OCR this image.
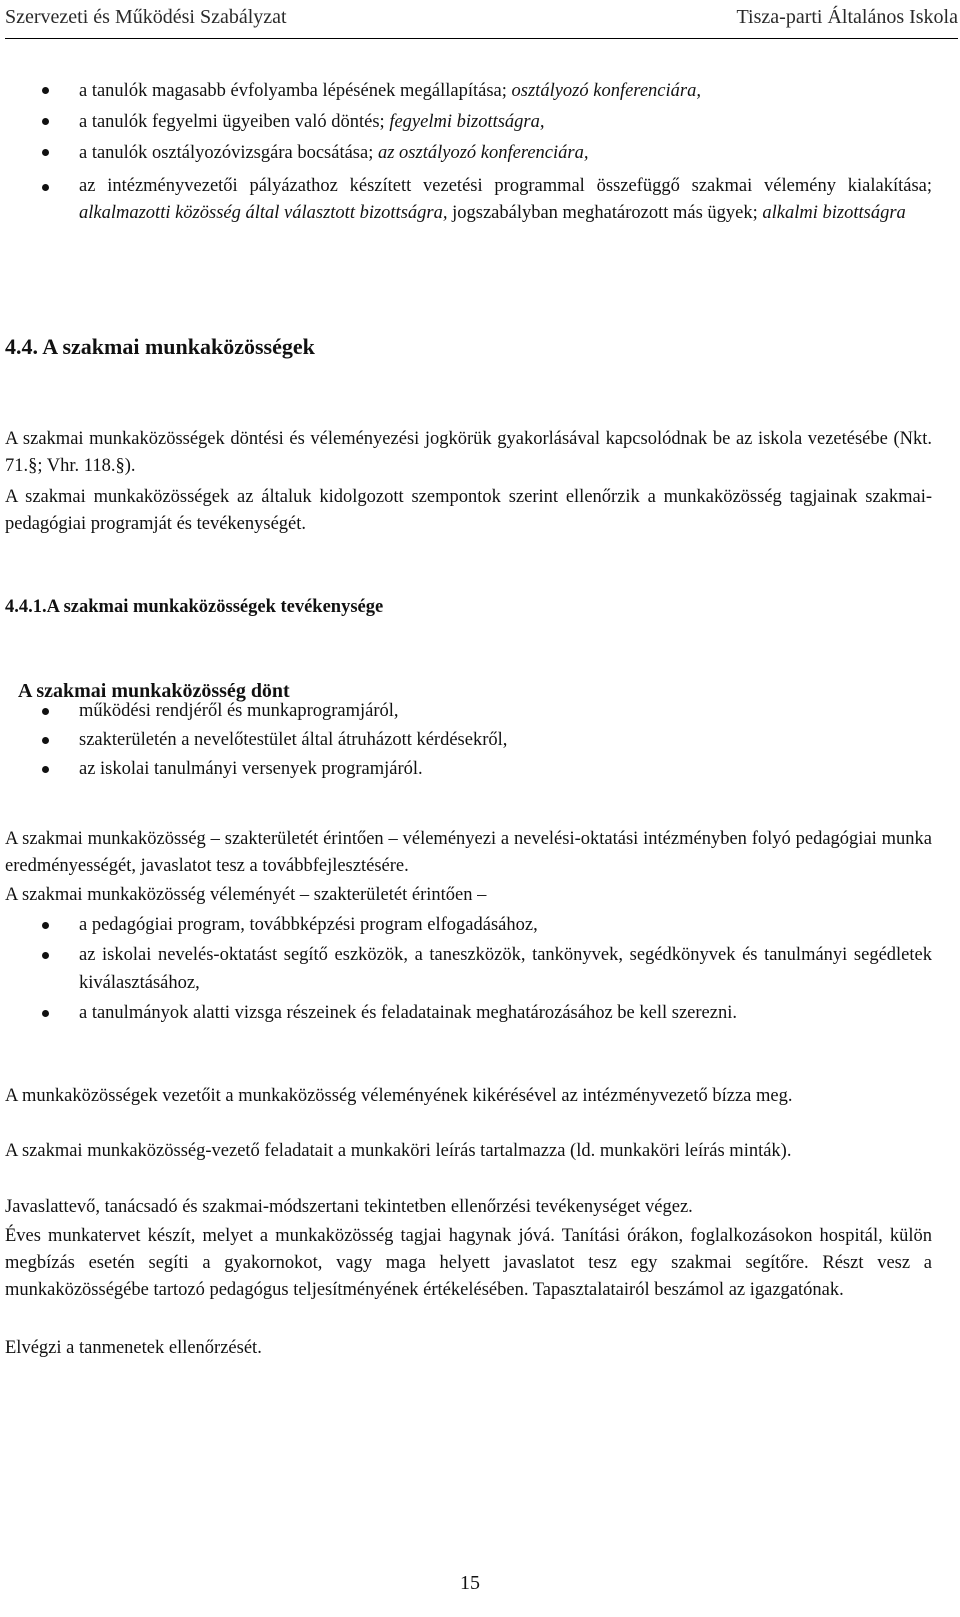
Szervezeti és Működési Szabályzat	Tisza-parti Általános Iskola
a tanulók magasabb évfolyamba lépésének megállapítása; osztályozó konferenciára,
a tanulók fegyelmi ügyeiben való döntés; fegyelmi bizottságra,
a tanulók osztályozóvizsgára bocsátása; az osztályozó konferenciára,
az intézményvezetői pályázathoz készített vezetési programmal összefüggő szakmai vélemény kialakítása; alkalmazotti közösség által választott bizottságra, jogszabályban meghatározott más ügyek; alkalmi bizottságra
4.4. A szakmai munkaközösségek
A szakmai munkaközösségek döntési és véleményezési jogkörük gyakorlásával kapcsolódnak be az iskola vezetésébe (Nkt. 71.§; Vhr. 118.§).
A szakmai munkaközösségek az általuk kidolgozott szempontok szerint ellenőrzik a munkaközösség tagjainak szakmai-pedagógiai programját és tevékenységét.
4.4.1.A szakmai munkaközösségek tevékenysége
A szakmai munkaközösség dönt
működési rendjéről és munkaprogramjáról,
szakterületén a nevelőtestület által átruházott kérdésekről,
az iskolai tanulmányi versenyek programjáról.
A szakmai munkaközösség – szakterületét érintően – véleményezi a nevelési-oktatási intézményben folyó pedagógiai munka eredményességét, javaslatot tesz a továbbfejlesztésére.
A szakmai munkaközösség véleményét – szakterületét érintően –
a pedagógiai program, továbbképzési program elfogadásához,
az iskolai nevelés-oktatást segítő eszközök, a taneszközök, tankönyvek, segédkönyvek és tanulmányi segédletek kiválasztásához,
a tanulmányok alatti vizsga részeinek és feladatainak meghatározásához be kell szerezni.
A munkaközösségek vezetőit a munkaközösség véleményének kikérésével az intézményvezető bízza meg.
A szakmai munkaközösség-vezető feladatait a munkaköri leírás tartalmazza (ld. munkaköri leírás minták).
Javaslattevő, tanácsadó és szakmai-módszertani tekintetben ellenőrzési tevékenységet végez.
Éves munkatervet készít, melyet a munkaközösség tagjai hagynak jóvá. Tanítási órákon, foglalkozásokon hospitál, külön megbízás esetén segíti a gyakornokot, vagy maga helyett javaslatot tesz egy szakmai segítőre. Részt vesz a munkaközösségébe tartozó pedagógus teljesítményének értékelésében. Tapasztalatairól beszámol az igazgatónak.
Elvégzi a tanmenetek ellenőrzését.
15
